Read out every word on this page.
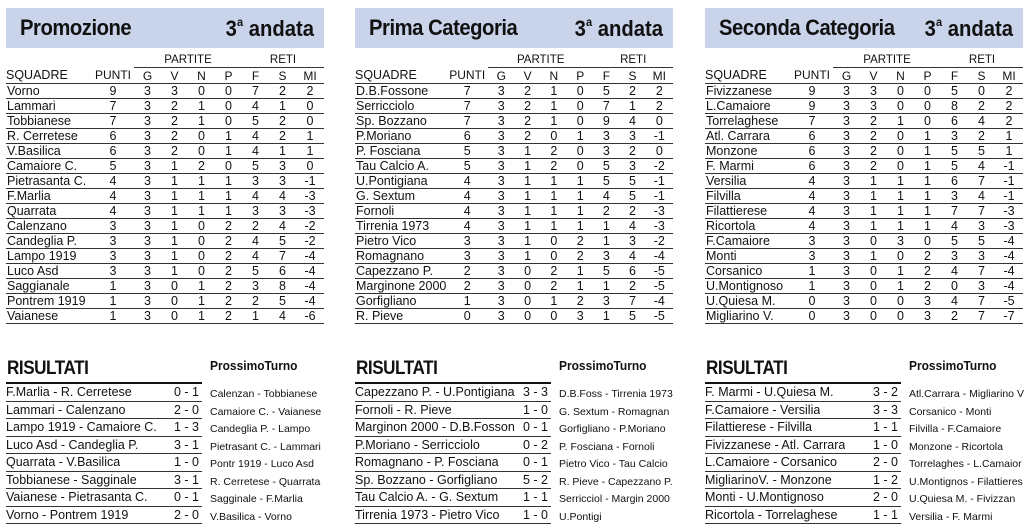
Promozione	3$^a$ andata
		PARTITE				RETI		
SQUADRE	PUNTI	G	V	N	P	F	S	MI
Vorno	9	3	3	0	0	7	2	2
Lammari	7	3	2	1	0	4	1	0
Tobbianese	7	3	2	1	0	5	2	0
R. Cerretese	6	3	2	0	1	4	2	1
V.Basilica	6	3	2	0	1	4	1	1
Camaiore C.	5	3	1	2	0	5	3	0
Pietrasanta C.	4	3	1	1	1	3	3	-1
F.Marlia	4	3	1	1	1	4	4	-3
Quarrata	4	3	1	1	1	3	3	-3
Calenzano	3	3	1	0	2	2	4	-2
Candeglia P.	3	3	1	0	2	4	5	-2
Lampo 1919	3	3	1	0	2	4	7	-4
Luco Asd	3	3	1	0	2	5	6	-4
Saggianale	1	3	0	1	2	3	8	-4
Pontrem 1919	1	3	0	1	2	2	5	-4
Vaianese	1	3	0	1	2	1	4	-6
RISULTATI
F.Marlia - R. Cerretese	0 - 1
Lammari - Calenzano	2 - 0
Lampo 1919 - Camaiore C.	1 - 3
Luco Asd - Candeglia P.	3 - 1
Quarrata - V.Basilica	1 - 0
Tobbianese - Sagginale	3 - 1
Vaianese - Pietrasanta C.	0 - 1
Vorno - Pontrem 1919	2 - 0
ProssimoTurno
Calenzan - Tobbianese
Camaiore C. - Vaianese
Candeglia P. - Lampo
Pietrasant C. - Lammari
Pontr 1919 - Luco Asd
R. Cerretese - Quarrata
Sagginale - F.Marlia
V.Basilica - Vorno
Prima Categoria	3$^a$ andata
		PARTITE				RETI		
SQUADRE	PUNTI	G	V	N	P	F	S	MI
D.B.Fossone	7	3	2	1	0	5	2	2
Serricciolo	7	3	2	1	0	7	1	2
Sp. Bozzano	7	3	2	1	0	9	4	0
P.Moriano	6	3	2	0	1	3	3	-1
P. Fosciana	5	3	1	2	0	3	2	0
Tau Calcio A.	5	3	1	2	0	5	3	-2
U.Pontigiana	4	3	1	1	1	5	5	-1
G. Sextum	4	3	1	1	1	4	5	-1
Fornoli	4	3	1	1	1	2	2	-3
Tirrenia 1973	4	3	1	1	1	1	4	-3
Pietro Vico	3	3	1	0	2	1	3	-2
Romagnano	3	3	1	0	2	3	4	-4
Capezzano P.	2	3	0	2	1	5	6	-5
Marginone 2000	2	3	0	2	1	1	2	-5
Gorfigliano	1	3	0	1	2	3	7	-4
R. Pieve	0	3	0	0	3	1	5	-5
RISULTATI
Capezzano P. - U.Pontigiana 3 - 3
Fornoli - R. Pieve	1 - 0
Marginon 2000 - D.B.Fosson 0 - 1
P.Moriano - Serricciolo	0 - 2
Romagnano - P. Fosciana	0 - 1
Sp. Bozzano - Gorfigliano	5 - 2
Tau Calcio A. - G. Sextum	1 - 1
Tirrenia 1973 - Pietro Vico	1 - 0
ProssimoTurno
D.B.Foss - Tirrenia 1973
G. Sextum - Romagnan
Gorfigliano - P.Moriano
P. Fosciana - Fornoli
Pietro Vico - Tau Calcio
R. Pieve - Capezzano P.
Serricciol - Margin 2000
U.Pontigi
Seconda Categoria 3$^a$ andata
		PARTITE				RETI		
SQUADRE	PUNTI	G	V	N	P	F	S	MI
Fivizzanese	9	3	3	0	0	5	0	2
L.Camaiore	9	3	3	0	0	8	2	2
Torrelaghese	7	3	2	1	0	6	4	2
Atl. Carrara	6	3	2	0	1	3	2	1
Monzone	6	3	2	0	1	5	5	1
F. Marmi	6	3	2	0	1	5	4	-1
Versilia	4	3	1	1	1	6	7	-1
Filvilla	4	3	1	1	1	3	4	-1
Filattierese	4	3	1	1	1	7	7	-3
Ricortola	4	3	1	1	1	4	3	-3
F.Camaiore	3	3	0	3	0	5	5	-4
Monti	3	3	1	0	2	3	3	-4
Corsanico	1	3	0	1	2	4	7	-4
U.Montignoso	1	3	0	1	2	0	3	-4
U.Quiesa M.	0	3	0	0	3	4	7	-5
Migliarino V.	0	3	0	0	3	2	7	-7
RISULTATI
F. Marmi - U.Quiesa M.	3 - 2
F.Camaiore - Versilia	3 - 3
Filattierese - Filvilla	1 - 1
Fivizzanese - Atl. Carrara	1 - 0
L.Camaiore - Corsanico	2 - 0
MigliarinoV. - Monzone	1 - 2
Monti - U.Montignoso	2 - 0
Ricortola - Torrelaghese	1 - 1
ProssimoTurno
Atl.Carrara - Migliarino V
Corsanico - Monti
Filvilla - F.Camaiore
Monzone - Ricortola
Torrelaghes - L.Camaior
U.Montignos - Filattieres
U.Quiesa M. - Fivizzan
Versilia - F. Marmi
